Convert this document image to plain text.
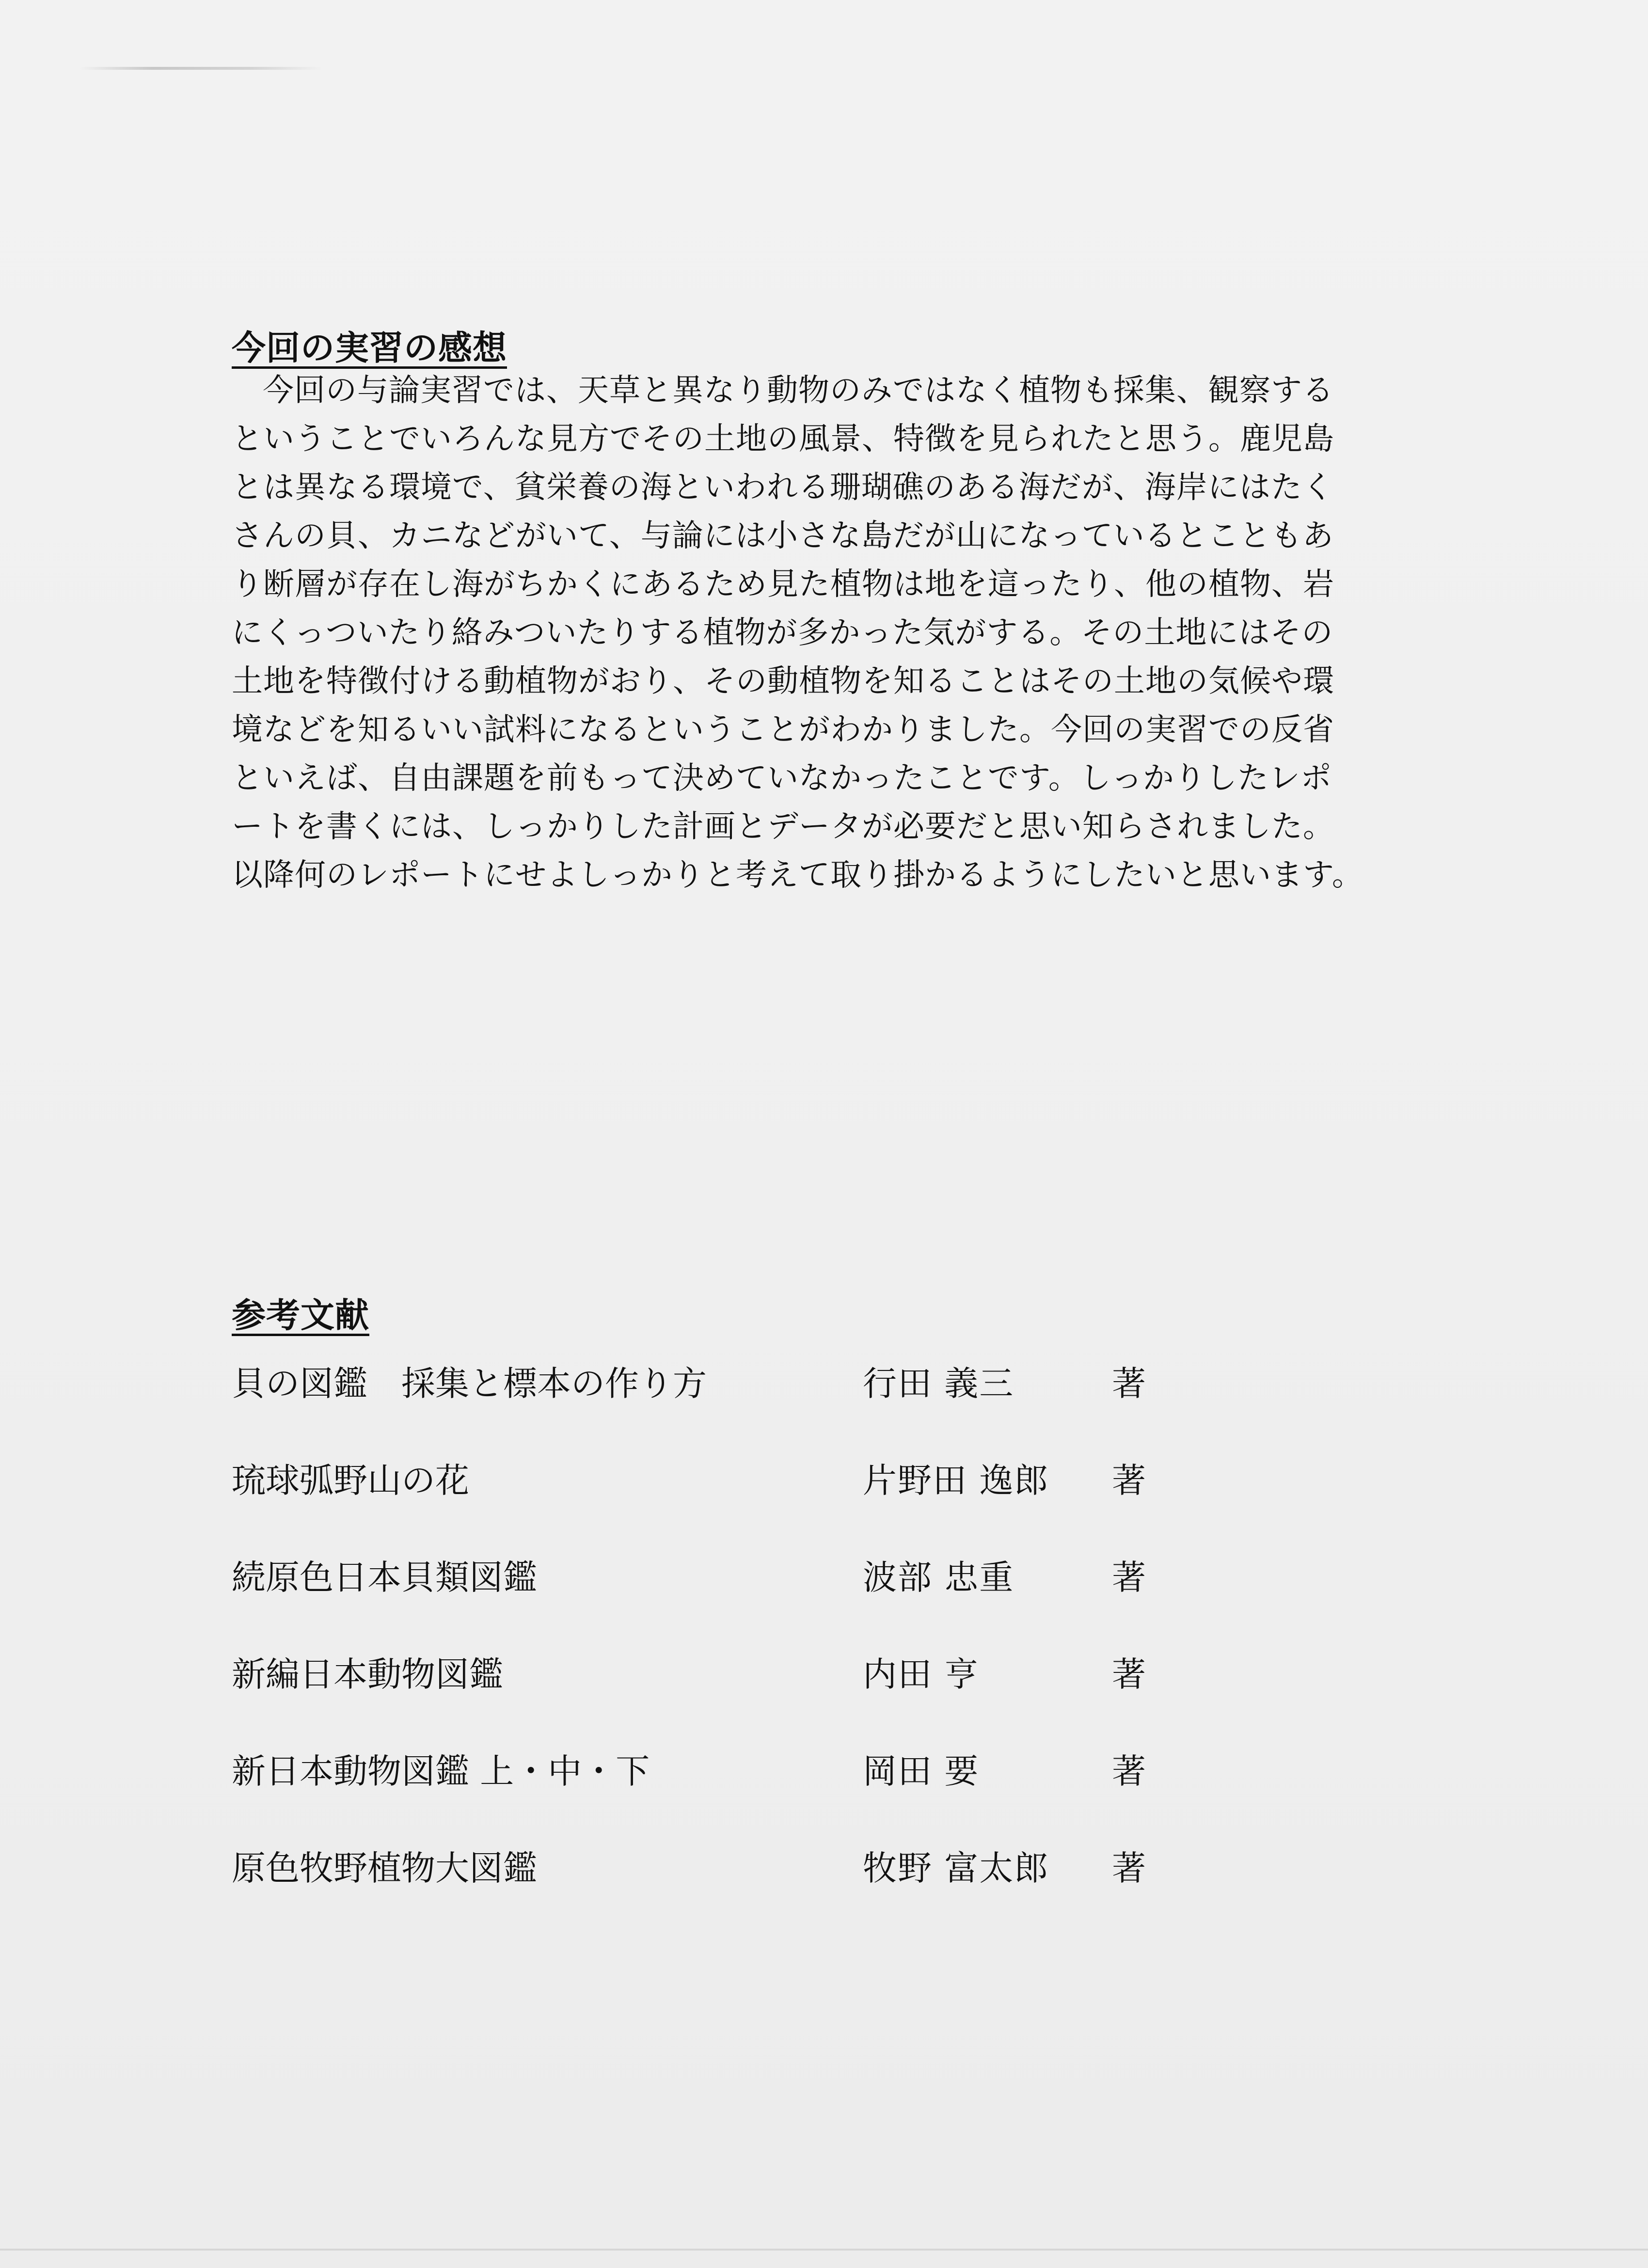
今回の実習の感想

今回の与論実習では、天草と異なり動物のみではなく植物も採集、観察する
ということでいろんな見方でその土地の風景、特徴を見られたと思う。鹿児島
とは異なる環境で、貧栄養の海といわれる珊瑚礁のある海だが、海岸にはたく
さんの貝、カニなどがいて、与論には小さな島だが山になっているとこともあ
り断層が存在し海がちかくにあるため見た植物は地を這ったり、他の植物、岩
にくっついたり絡みついたりする植物が多かった気がする。その土地にはその
土地を特徴付ける動植物がおり、その動植物を知ることはその土地の気候や環
境などを知るいい試料になるということがわかりました。今回の実習での反省
といえば、自由課題を前もって決めていなかったことです。しっかりしたレポ
ートを書くには、しっかりした計画とデータが必要だと思い知らされました。
以降何のレポートにせよしっかりと考えて取り掛かるようにしたいと思います。

参考文献
貝の図鑑　採集と標本の作り方	行田 義三	著
琉球弧野山の花	片野田 逸郎 著
続原色日本貝類図鑑	波部 忠重	著
新編日本動物図鑑	内田 亨	著
新日本動物図鑑 上・中・下	岡田 要	著
原色牧野植物大図鑑	牧野 富太郎 著
